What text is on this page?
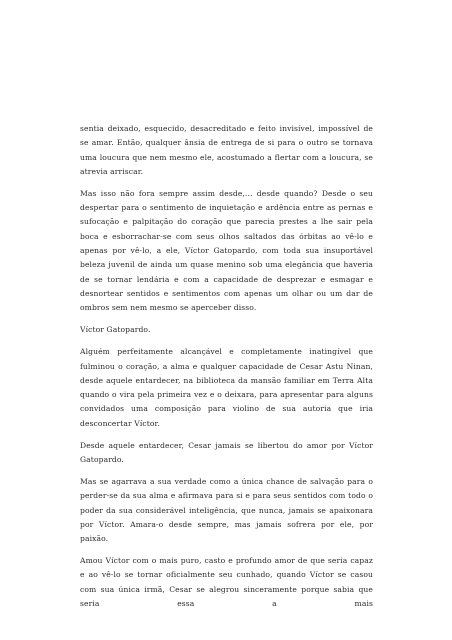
sentia deixado, esquecido, desacreditado e feito invisível, impossível de se amar. Então, qualquer ânsia de entrega de si para o outro se tornava uma loucura que nem mesmo ele, acostumado a flertar com a loucura, se atrevia arriscar.

Mas isso não fora sempre assim desde,... desde quando? Desde o seu despertar para o sentimento de inquietação e ardência entre as pernas e sufocação e palpitação do coração que parecia prestes a lhe sair pela boca e esborrachar-se com seus olhos saltados das órbitas ao vê-lo e apenas por vê-lo, a ele, Víctor Gatopardo, com toda sua insuportável beleza juvenil de ainda um quase menino sob uma elegância que haveria de se tornar lendária e com a capacidade de desprezar e esmagar e desnortear sentidos e sentimentos com apenas um olhar ou um dar de ombros sem nem mesmo se aperceber disso.

Víctor Gatopardo.

Alguém perfeitamente alcançável e completamente inatingível que fulminou o coração, a alma e qualquer capacidade de Cesar Astu Ninan, desde aquele entardecer, na biblioteca da mansão familiar em Terra Alta quando o vira pela primeira vez e o deixara, para apresentar para alguns convidados uma composição para violino de sua autoria que iria desconcertar Víctor.

Desde aquele entardecer, Cesar jamais se libertou do amor por Víctor Gatopardo.

Mas se agarrava a sua verdade como a única chance de salvação para o perder-se da sua alma e afirmava para si e para seus sentidos com todo o poder da sua considerável inteligência, que nunca, jamais se apaixonara por Víctor. Amara-o desde sempre, mas jamais sofrera por ele, por paixão.

Amou Víctor com o mais puro, casto e profundo amor de que seria capaz e ao vê-lo se tornar oficialmente seu cunhado, quando Víctor se casou com sua única irmã, Cesar se alegrou sinceramente porque sabia que seria essa a mais
